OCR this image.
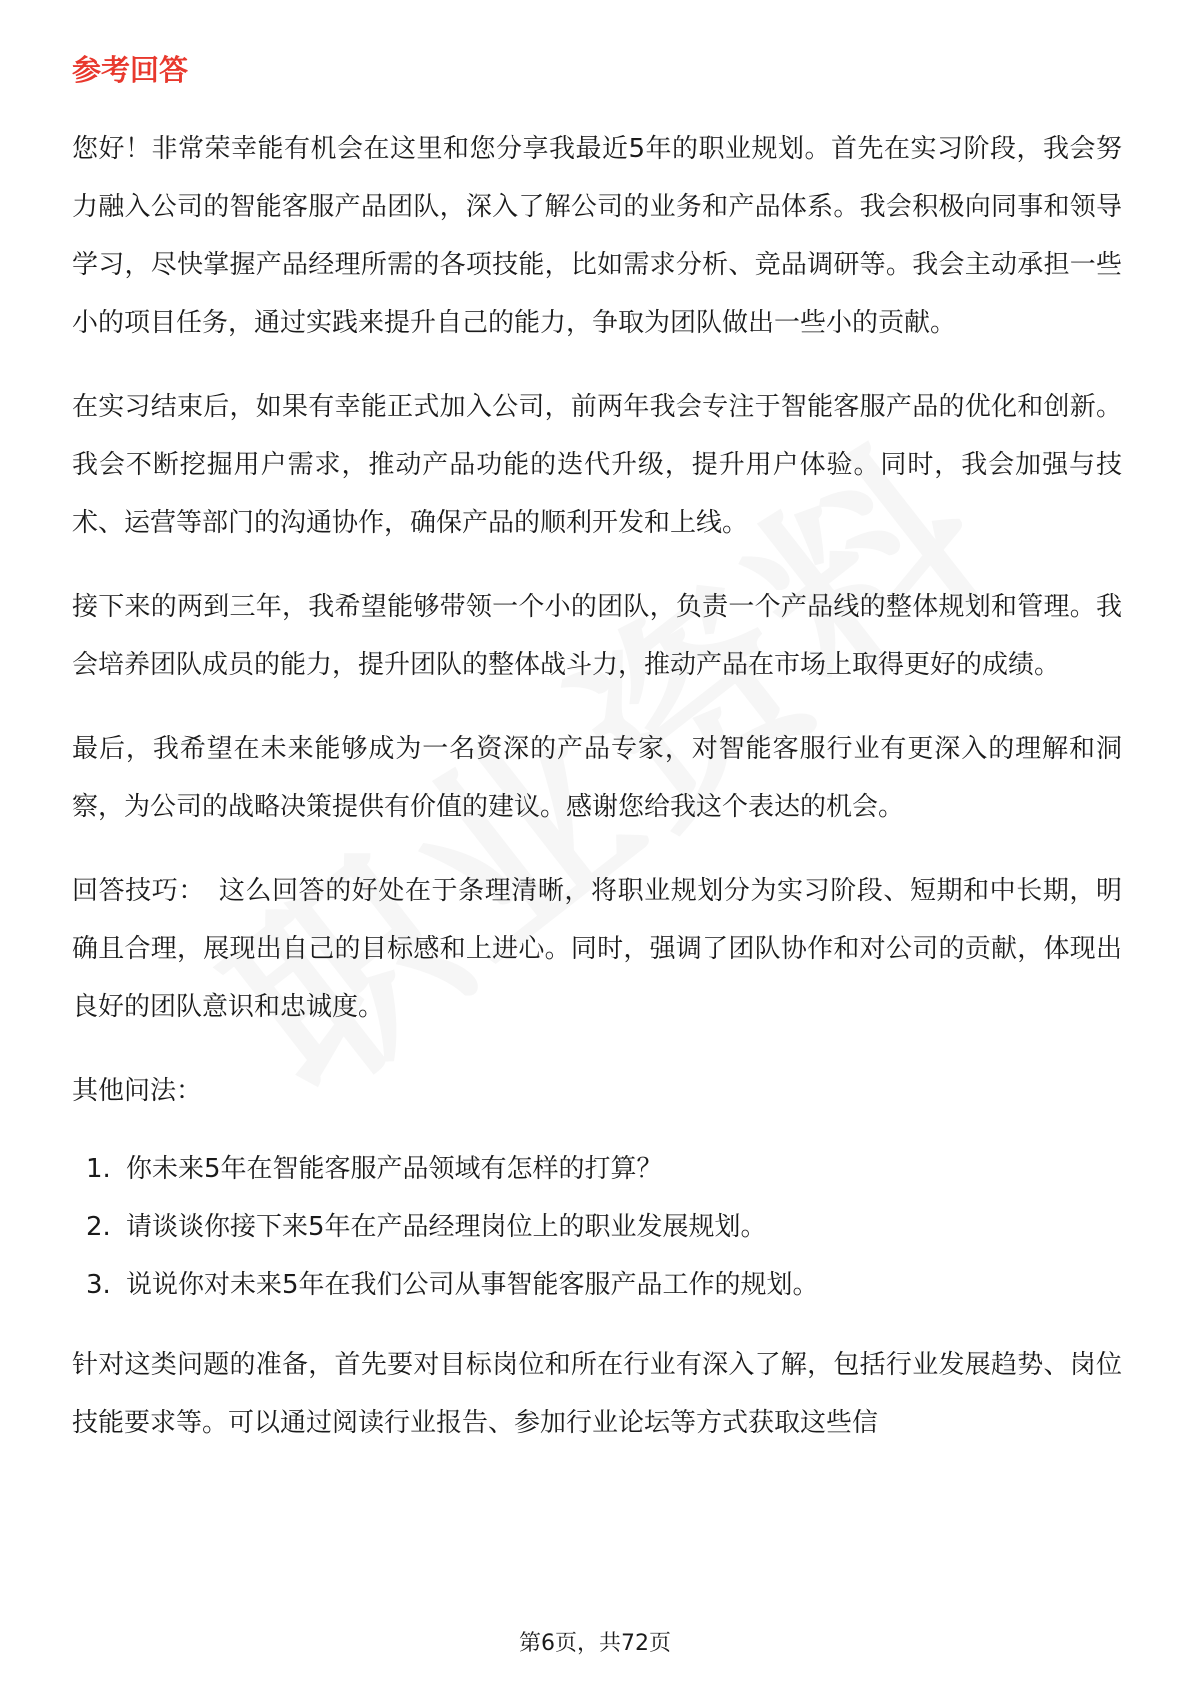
参考回答

您好！非常荣幸能有机会在这里和您分享我最近5年的职业规划。首先在实习阶段，我会努力融入公司的智能客服产品团队，深入了解公司的业务和产品体系。我会积极向同事和领导学习，尽快掌握产品经理所需的各项技能，比如需求分析、竞品调研等。我会主动承担一些小的项目任务，通过实践来提升自己的能力，争取为团队做出一些小的贡献。

在实习结束后，如果有幸能正式加入公司，前两年我会专注于智能客服产品的优化和创新。我会不断挖掘用户需求，推动产品功能的迭代升级，提升用户体验。同时，我会加强与技术、运营等部门的沟通协作，确保产品的顺利开发和上线。

接下来的两到三年，我希望能够带领一个小的团队，负责一个产品线的整体规划和管理。我会培养团队成员的能力，提升团队的整体战斗力，推动产品在市场上取得更好的成绩。

最后，我希望在未来能够成为一名资深的产品专家，对智能客服行业有更深入的理解和洞察，为公司的战略决策提供有价值的建议。感谢您给我这个表达的机会。

回答技巧： 这么回答的好处在于条理清晰，将职业规划分为实习阶段、短期和中长期，明确且合理，展现出自己的目标感和上进心。同时，强调了团队协作和对公司的贡献，体现出良好的团队意识和忠诚度。

其他问法：

1. 你未来5年在智能客服产品领域有怎样的打算？
2. 请谈谈你接下来5年在产品经理岗位上的职业发展规划。
3. 说说你对未来5年在我们公司从事智能客服产品工作的规划。

针对这类问题的准备，首先要对目标岗位和所在行业有深入了解，包括行业发展趋势、岗位技能要求等。可以通过阅读行业报告、参加行业论坛等方式获取这些信

第6页，共72页
